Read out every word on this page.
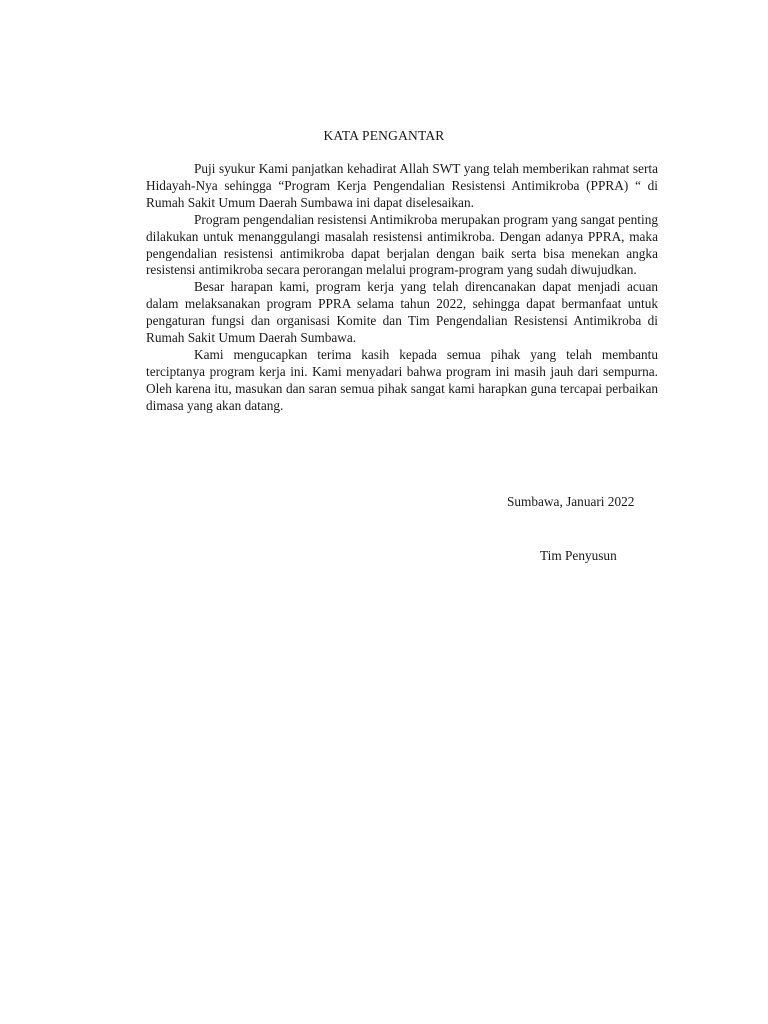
KATA PENGANTAR

Puji syukur Kami panjatkan kehadirat Allah SWT yang telah memberikan rahmat serta Hidayah-Nya sehingga “Program Kerja Pengendalian Resistensi Antimikroba (PPRA) “ di Rumah Sakit Umum Daerah Sumbawa ini dapat diselesaikan.

Program pengendalian resistensi Antimikroba merupakan program yang sangat penting dilakukan untuk menanggulangi masalah resistensi antimikroba. Dengan adanya PPRA, maka pengendalian resistensi antimikroba dapat berjalan dengan baik serta bisa menekan angka resistensi antimikroba secara perorangan melalui program-program yang sudah diwujudkan.

Besar harapan kami, program kerja yang telah direncanakan dapat menjadi acuan dalam melaksanakan program PPRA selama tahun 2022, sehingga dapat bermanfaat untuk pengaturan fungsi dan organisasi Komite dan Tim Pengendalian Resistensi Antimikroba di Rumah Sakit Umum Daerah Sumbawa.

Kami mengucapkan terima kasih kepada semua pihak yang telah membantu terciptanya program kerja ini. Kami menyadari bahwa program ini masih jauh dari sempurna. Oleh karena itu, masukan dan saran semua pihak sangat kami harapkan guna tercapai perbaikan dimasa yang akan datang.

Sumbawa, Januari 2022
Tim Penyusun
